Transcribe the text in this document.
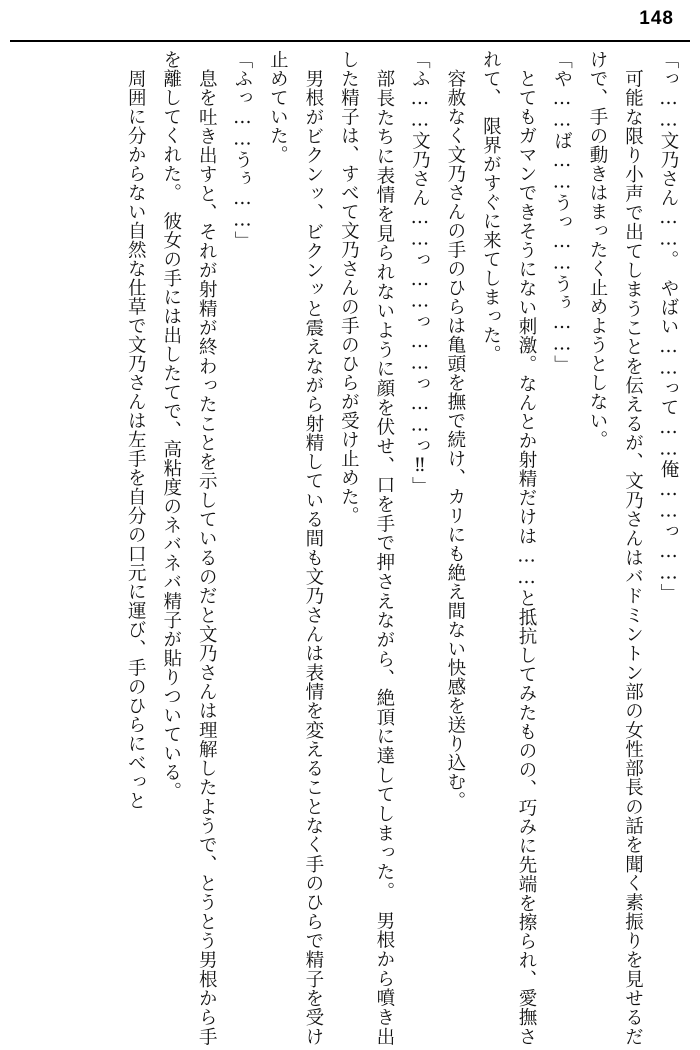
148

「っ……文乃さん……。　やばい……って……俺……っ……」

　可能な限り小声で出てしまうことを伝えるが、文乃さんはバドミントン部の女性部長の話を聞く素振りを見せるだけで、手の動きはまったく止めようとしない。

「や……ば……うっ……うぅ……」

　とてもガマンできそうにない刺激。なんとか射精だけは……と抵抗してみたものの、巧みに先端を擦られ、愛撫されて、　限界がすぐに来てしまった。

　容赦なく文乃さんの手のひらは亀頭を撫で続け、カリにも絶え間ない快感を送り込む。

「ふ……文乃さん……っ……っ……っ……っ‼」

　部長たちに表情を見られないように顔を伏せ、口を手で押さえながら、絶頂に達してしまった。　男根から噴き出した精子は、すべて文乃さんの手のひらが受け止めた。

　男根がビクンッ、ビクンッと震えながら射精している間も文乃さんは表情を変えることなく手のひらで精子を受け止めていた。

「ふっ……うぅ……」

　息を吐き出すと、それが射精が終わったことを示しているのだと文乃さんは理解したようで、とうとう男根から手を離してくれた。　彼女の手には出したてで、高粘度のネバネバ精子が貼りついている。

　周囲に分からない自然な仕草で文乃さんは左手を自分の口元に運び、手のひらにべっと
